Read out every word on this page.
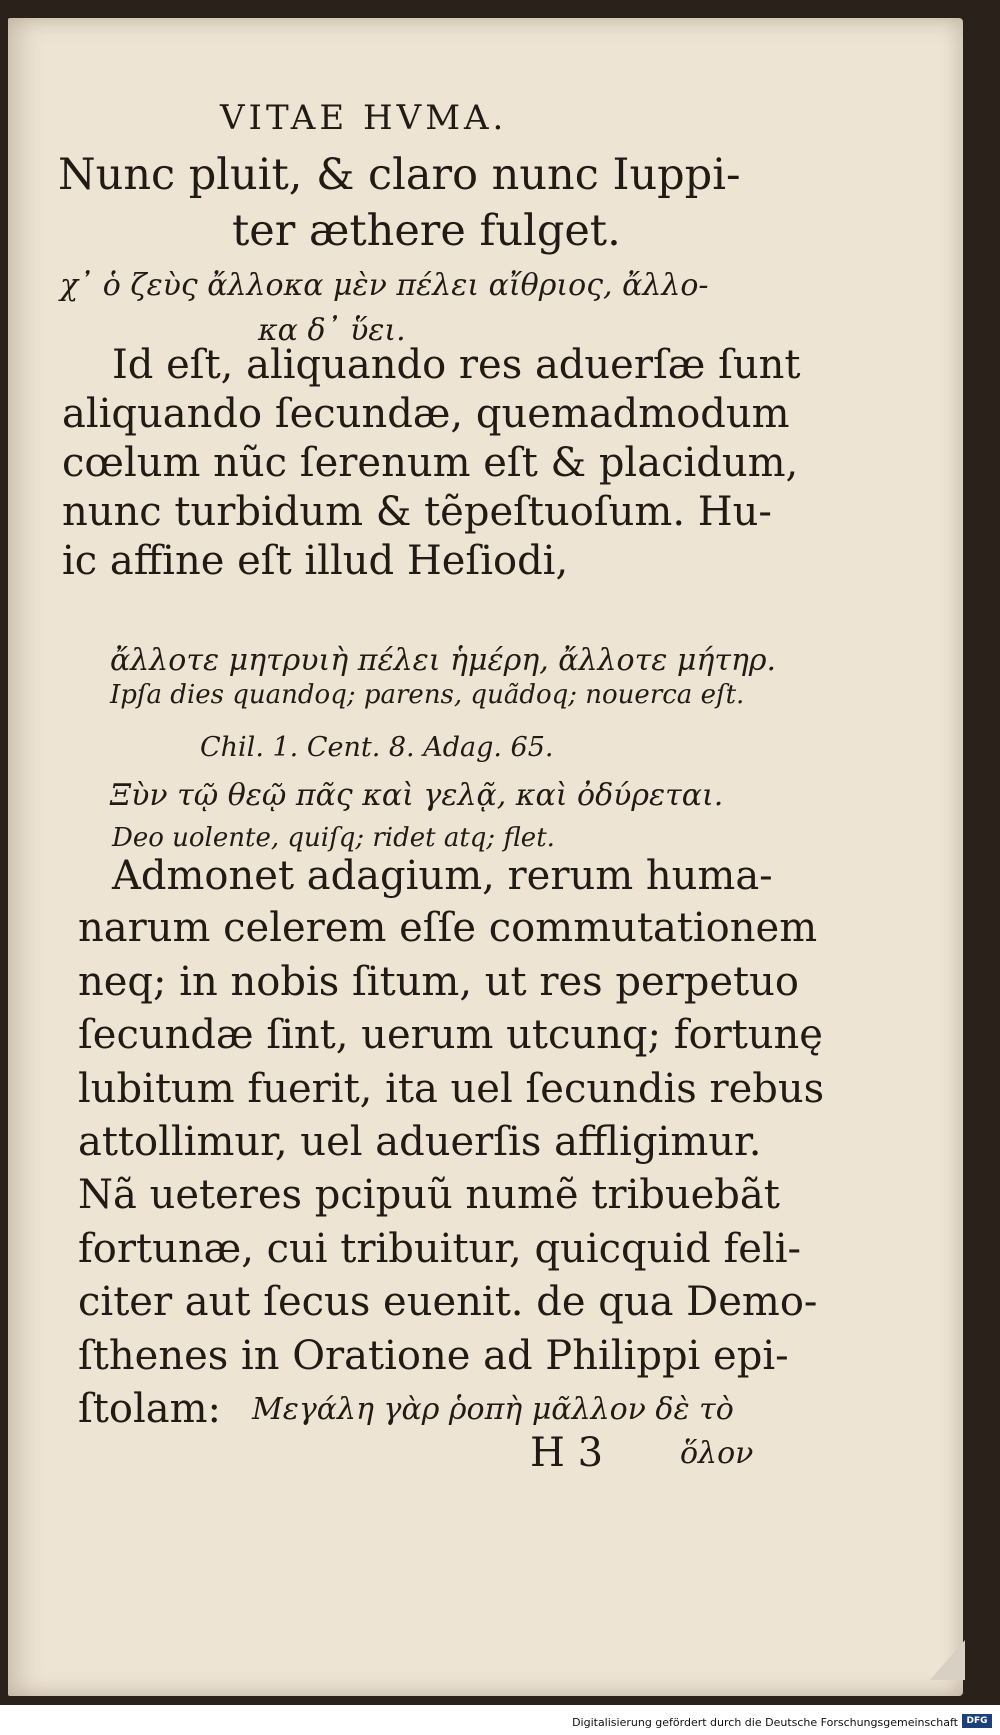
VITAE HVMA.
Nunc pluit, & claro nunc Iuppi-
ter æthere fulget.
χ᾽ ὁ ζεὺς ἄλλοκα μὲν πέλει αἴθριος, ἄλλο-
κα δ᾽ ὕει.
Id eſt, aliquando res aduerſæ ſunt
aliquando ſecundæ, quemadmodum
cœlum nũc ſerenum eſt & placidum,
nunc turbidum & tẽpeſtuoſum. Hu-
ic affine eſt illud Heſiodi,
ἄλλοτε μητρυιὴ πέλει ἡμέρη, ἄλλοτε μήτηρ.
Ipſa dies quandoq; parens, quãdoq; nouerca eſt.
Chil. 1. Cent. 8. Adag. 65.
Ξὺν τῷ θεῷ πᾶς καὶ γελᾷ, καὶ ὀδύρεται.
Deo uolente, quiſq; ridet atq; flet.
Admonet adagium, rerum huma-
narum celerem eſſe commutationem
neq; in nobis ſitum, ut res perpetuo
ſecundæ ſint, uerum utcunq; fortunę
lubitum fuerit, ita uel ſecundis rebus
attollimur, uel aduerſis affligimur.
Nã ueteres pcipuũ numẽ tribuebãt
fortunæ, cui tribuitur, quicquid feli-
citer aut ſecus euenit. de qua Demo-
ſthenes in Oratione ad Philippi epi-
ſtolam: Μεγάλη γὰρ ῥοπὴ μᾶλλον δὲ τὸ
H 3	ὅλον
Digitalisierung gefördert durch die Deutsche Forschungsgemeinschaft DFG
